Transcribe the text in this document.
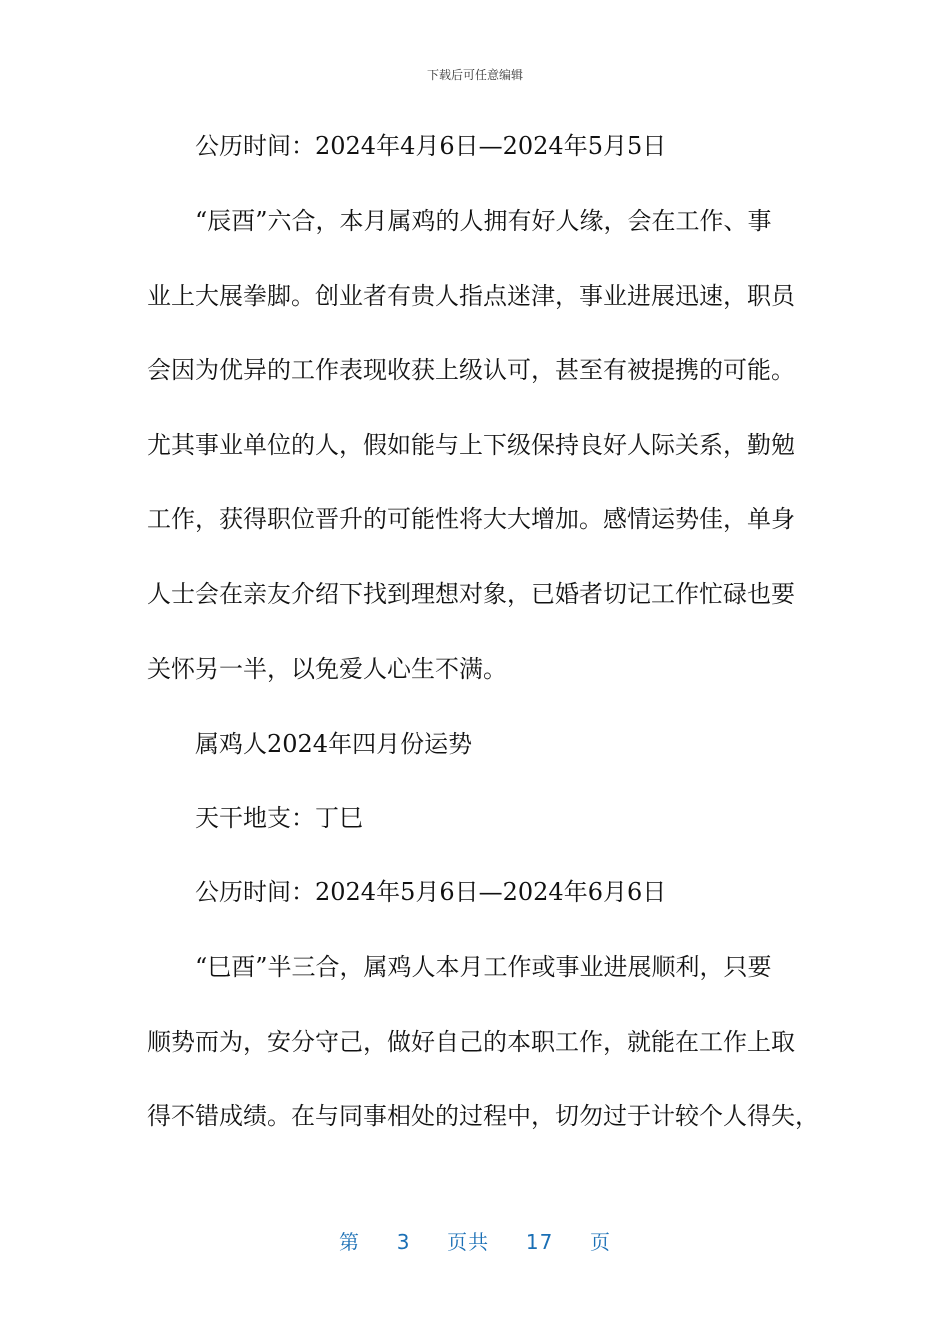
下载后可任意编辑
公历时间：2024年4月6日—2024年5月5日
“辰酉”六合，本月属鸡的人拥有好人缘，会在工作、事
业上大展拳脚。创业者有贵人指点迷津，事业进展迅速，职员
会因为优异的工作表现收获上级认可，甚至有被提携的可能。
尤其事业单位的人，假如能与上下级保持良好人际关系，勤勉
工作，获得职位晋升的可能性将大大增加。感情运势佳，单身
人士会在亲友介绍下找到理想对象，已婚者切记工作忙碌也要
关怀另一半，以免爱人心生不满。
属鸡人2024年四月份运势
天干地支：丁巳
公历时间：2024年5月6日—2024年6月6日
“巳酉”半三合，属鸡人本月工作或事业进展顺利，只要
顺势而为，安分守己，做好自己的本职工作，就能在工作上取
得不错成绩。在与同事相处的过程中，切勿过于计较个人得失，
第 3 页共 17 页
